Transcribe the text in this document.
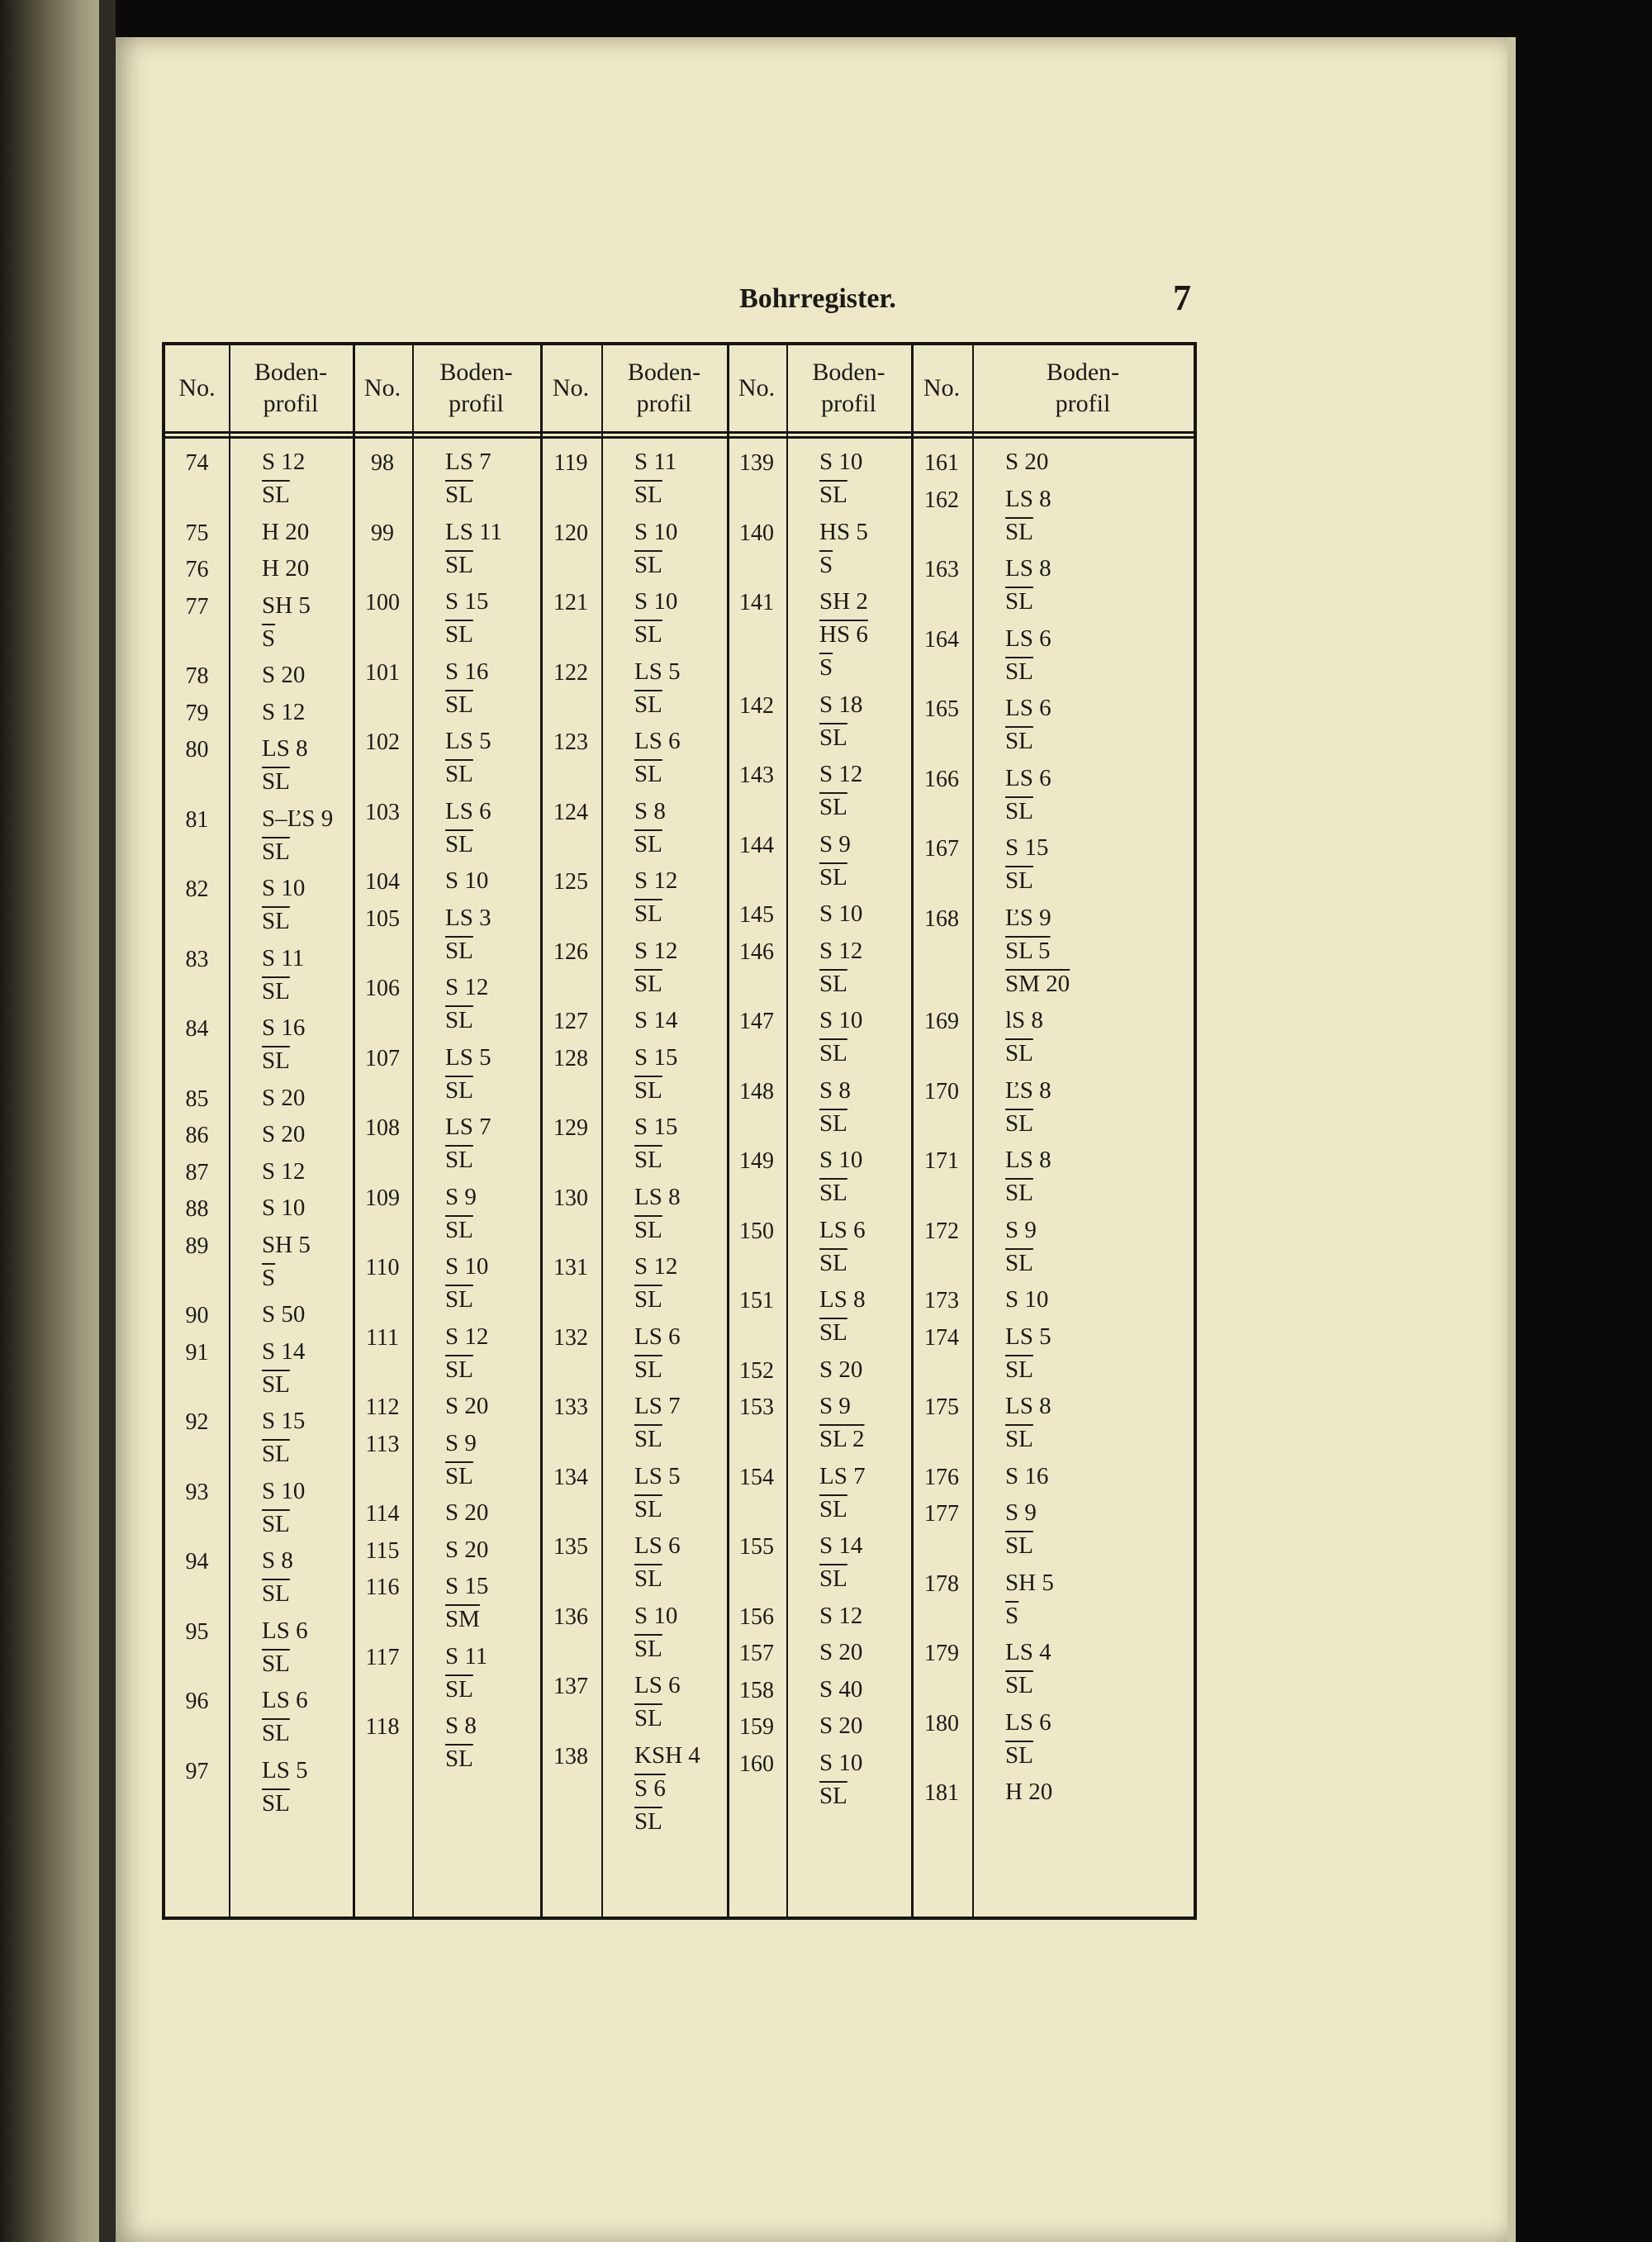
Bohrregister.	7
No.
Boden-
profil
74	S 12
$\overline{SL}$
75	H 20
76	H 20
77	SH 5
$\overline{S}$
78	S 20
79	S 12
80	LS 8
$\overline{SL}$
81	S–ĽS 9
$\overline{SL}$
82	S 10
$\overline{SL}$
83	S 11
$\overline{SL}$
84	S 16
$\overline{SL}$
85	S 20
86	S 20
87	S 12
88	S 10
89	SH 5
$\overline{S}$
90	S 50
91	S 14
$\overline{SL}$
92	S 15
$\overline{SL}$
93	S 10
$\overline{SL}$
94	S 8
$\overline{SL}$
95	LS 6
$\overline{SL}$
96	LS 6
$\overline{SL}$
97	LS 5
$\overline{SL}$
No.
Boden-
profil
98	LS 7
$\overline{SL}$
99	LS 11
$\overline{SL}$
100	S 15
$\overline{SL}$
101	S 16
$\overline{SL}$
102	LS 5
$\overline{SL}$
103	LS 6
$\overline{SL}$
104	S 10
105	LS 3
$\overline{SL}$
106	S 12
$\overline{SL}$
107	LS 5
$\overline{SL}$
108	LS 7
$\overline{SL}$
109	S 9
$\overline{SL}$
110	S 10
$\overline{SL}$
111	S 12
$\overline{SL}$
112	S 20
113	S 9
$\overline{SL}$
114	S 20
115	S 20
116	S 15
$\overline{SM}$
117	S 11
$\overline{SL}$
118	S 8
$\overline{SL}$
No.
Boden-
profil
119	S 11
$\overline{SL}$
120	S 10
$\overline{SL}$
121	S 10
$\overline{SL}$
122	LS 5
$\overline{SL}$
123	LS 6
$\overline{SL}$
124	S 8
$\overline{SL}$
125	S 12
$\overline{SL}$
126	S 12
$\overline{SL}$
127	S 14
128	S 15
$\overline{SL}$
129	S 15
$\overline{SL}$
130	LS 8
$\overline{SL}$
131	S 12
$\overline{SL}$
132	LS 6
$\overline{SL}$
133	LS 7
$\overline{SL}$
134	LS 5
$\overline{SL}$
135	LS 6
$\overline{SL}$
136	S 10
$\overline{SL}$
137	LS 6
$\overline{SL}$
138	KSH 4
S 6
$\overline{SL}$
No.
Boden-
profil
139	S 10
$\overline{SL}$
140	HS 5
$\overline{S}$
141	SH 2
HS 6
$\overline{S}$
142	S 18
$\overline{SL}$
143	S 12
$\overline{SL}$
144	S 9
$\overline{SL}$
145	S 10
146	S 12
$\overline{SL}$
147	S 10
$\overline{SL}$
148	S 8
$\overline{SL}$
149	S 10
$\overline{SL}$
150	LS 6
$\overline{SL}$
151	LS 8
$\overline{SL}$
152	S 20
153	S 9
SL 2
154	LS 7
$\overline{SL}$
155	S 14
$\overline{SL}$
156	S 12
157	S 20
158	S 40
159	S 20
160	S 10
$\overline{SL}$
No.
Boden-
profil
161	S 20
162	LS 8
$\overline{SL}$
163	LS 8
$\overline{SL}$
164	LS 6
$\overline{SL}$
165	LS 6
$\overline{SL}$
166	LS 6
$\overline{SL}$
167	S 15
$\overline{SL}$
168	ĽS 9
SL 5
SM 20
169	lS 8
$\overline{SL}$
170	ĽS 8
$\overline{SL}$
171	LS 8
$\overline{SL}$
172	S 9
$\overline{SL}$
173	S 10
174	LS 5
$\overline{SL}$
175	LS 8
$\overline{SL}$
176	S 16
177	S 9
$\overline{SL}$
178	SH 5
$\overline{S}$
179	LS 4
$\overline{SL}$
180	LS 6
$\overline{SL}$
181	H 20
